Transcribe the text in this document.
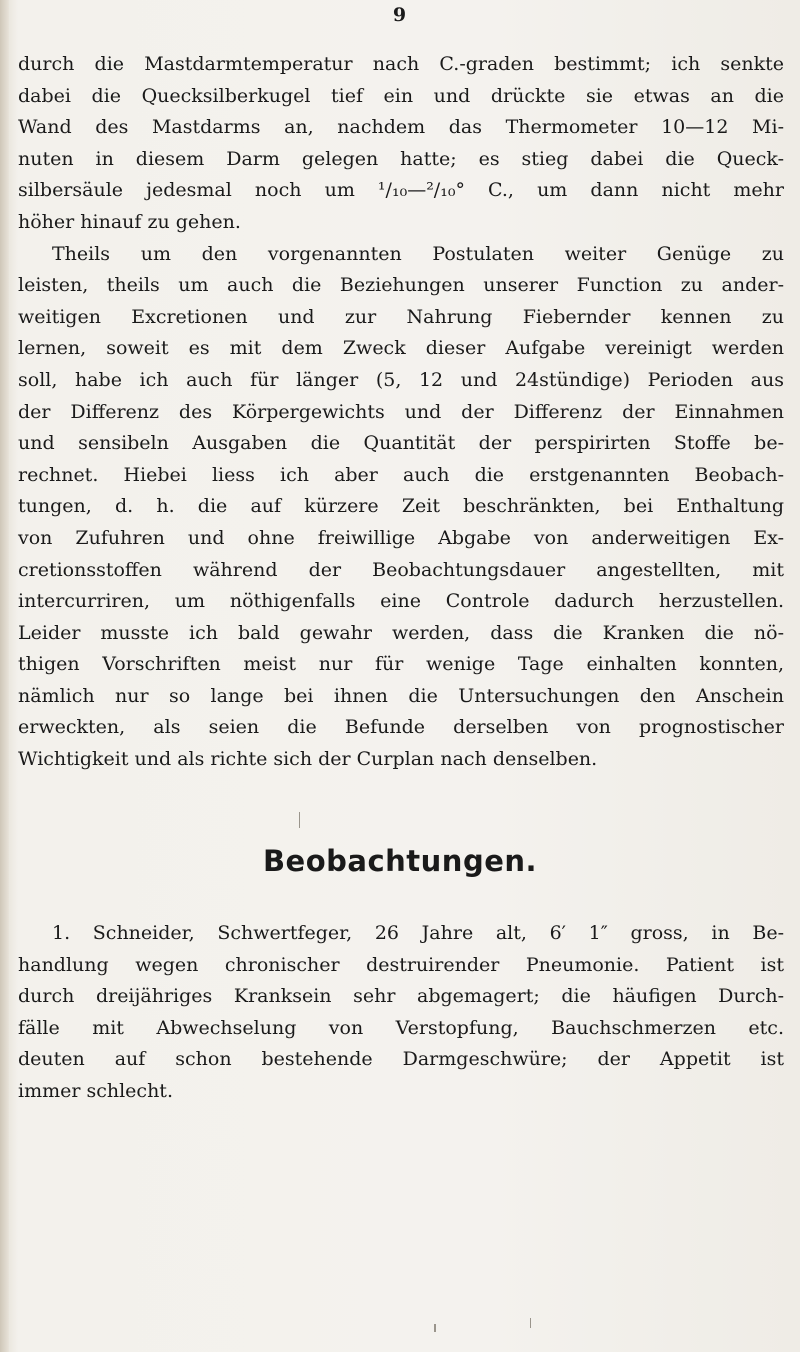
9
durch die Mastdarmtemperatur nach C.-graden bestimmt; ich senkte
dabei die Quecksilberkugel tief ein und drückte sie etwas an die
Wand des Mastdarms an, nachdem das Thermometer 10—12 Mi-
nuten in diesem Darm gelegen hatte; es stieg dabei die Queck-
silbersäule jedesmal noch um ¹/₁₀—²/₁₀° C., um dann nicht mehr
höher hinauf zu gehen.
Theils um den vorgenannten Postulaten weiter Genüge zu
leisten, theils um auch die Beziehungen unserer Function zu ander-
weitigen Excretionen und zur Nahrung Fiebernder kennen zu
lernen, soweit es mit dem Zweck dieser Aufgabe vereinigt werden
soll, habe ich auch für länger (5, 12 und 24stündige) Perioden aus
der Differenz des Körpergewichts und der Differenz der Einnahmen
und sensibeln Ausgaben die Quantität der perspirirten Stoffe be-
rechnet. Hiebei liess ich aber auch die erstgenannten Beobach-
tungen, d. h. die auf kürzere Zeit beschränkten, bei Enthaltung
von Zufuhren und ohne freiwillige Abgabe von anderweitigen Ex-
cretionsstoffen während der Beobachtungsdauer angestellten, mit
intercurriren, um nöthigenfalls eine Controle dadurch herzustellen.
Leider musste ich bald gewahr werden, dass die Kranken die nö-
thigen Vorschriften meist nur für wenige Tage einhalten konnten,
nämlich nur so lange bei ihnen die Untersuchungen den Anschein
erweckten, als seien die Befunde derselben von prognostischer
Wichtigkeit und als richte sich der Curplan nach denselben.
Beobachtungen.
1. Schneider, Schwertfeger, 26 Jahre alt, 6′ 1″ gross, in Be-
handlung wegen chronischer destruirender Pneumonie. Patient ist
durch dreijähriges Kranksein sehr abgemagert; die häufigen Durch-
fälle mit Abwechselung von Verstopfung, Bauchschmerzen etc.
deuten auf schon bestehende Darmgeschwüre; der Appetit ist
immer schlecht.
